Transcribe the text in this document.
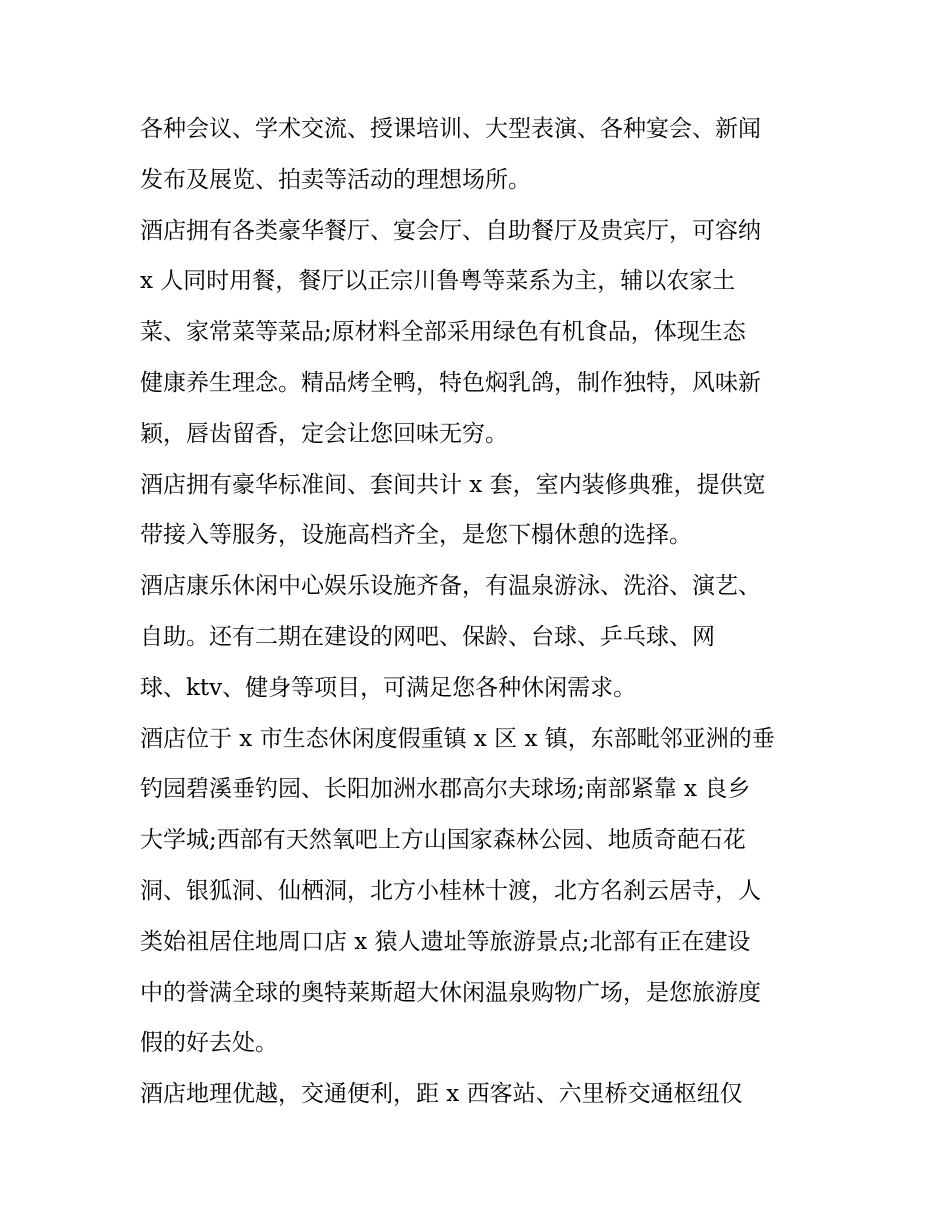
各种会议、学术交流、授课培训、大型表演、各种宴会、新闻
发布及展览、拍卖等活动的理想场所。
酒店拥有各类豪华餐厅、宴会厅、自助餐厅及贵宾厅，可容纳
x 人同时用餐，餐厅以正宗川鲁粤等菜系为主，辅以农家土
菜、家常菜等菜品;原材料全部采用绿色有机食品，体现生态
健康养生理念。精品烤全鸭，特色焖乳鸽，制作独特，风味新
颖，唇齿留香，定会让您回味无穷。
酒店拥有豪华标准间、套间共计 x 套，室内装修典雅，提供宽
带接入等服务，设施高档齐全，是您下榻休憩的选择。
酒店康乐休闲中心娱乐设施齐备，有温泉游泳、洗浴、演艺、
自助。还有二期在建设的网吧、保龄、台球、乒乓球、网
球、ktv、健身等项目，可满足您各种休闲需求。
酒店位于 x 市生态休闲度假重镇 x 区 x 镇，东部毗邻亚洲的垂
钓园碧溪垂钓园、长阳加洲水郡高尔夫球场;南部紧靠 x 良乡
大学城;西部有天然氧吧上方山国家森林公园、地质奇葩石花
洞、银狐洞、仙栖洞，北方小桂林十渡，北方名刹云居寺，人
类始祖居住地周口店 x 猿人遗址等旅游景点;北部有正在建设
中的誉满全球的奥特莱斯超大休闲温泉购物广场，是您旅游度
假的好去处。
酒店地理优越，交通便利，距 x 西客站、六里桥交通枢纽仅
